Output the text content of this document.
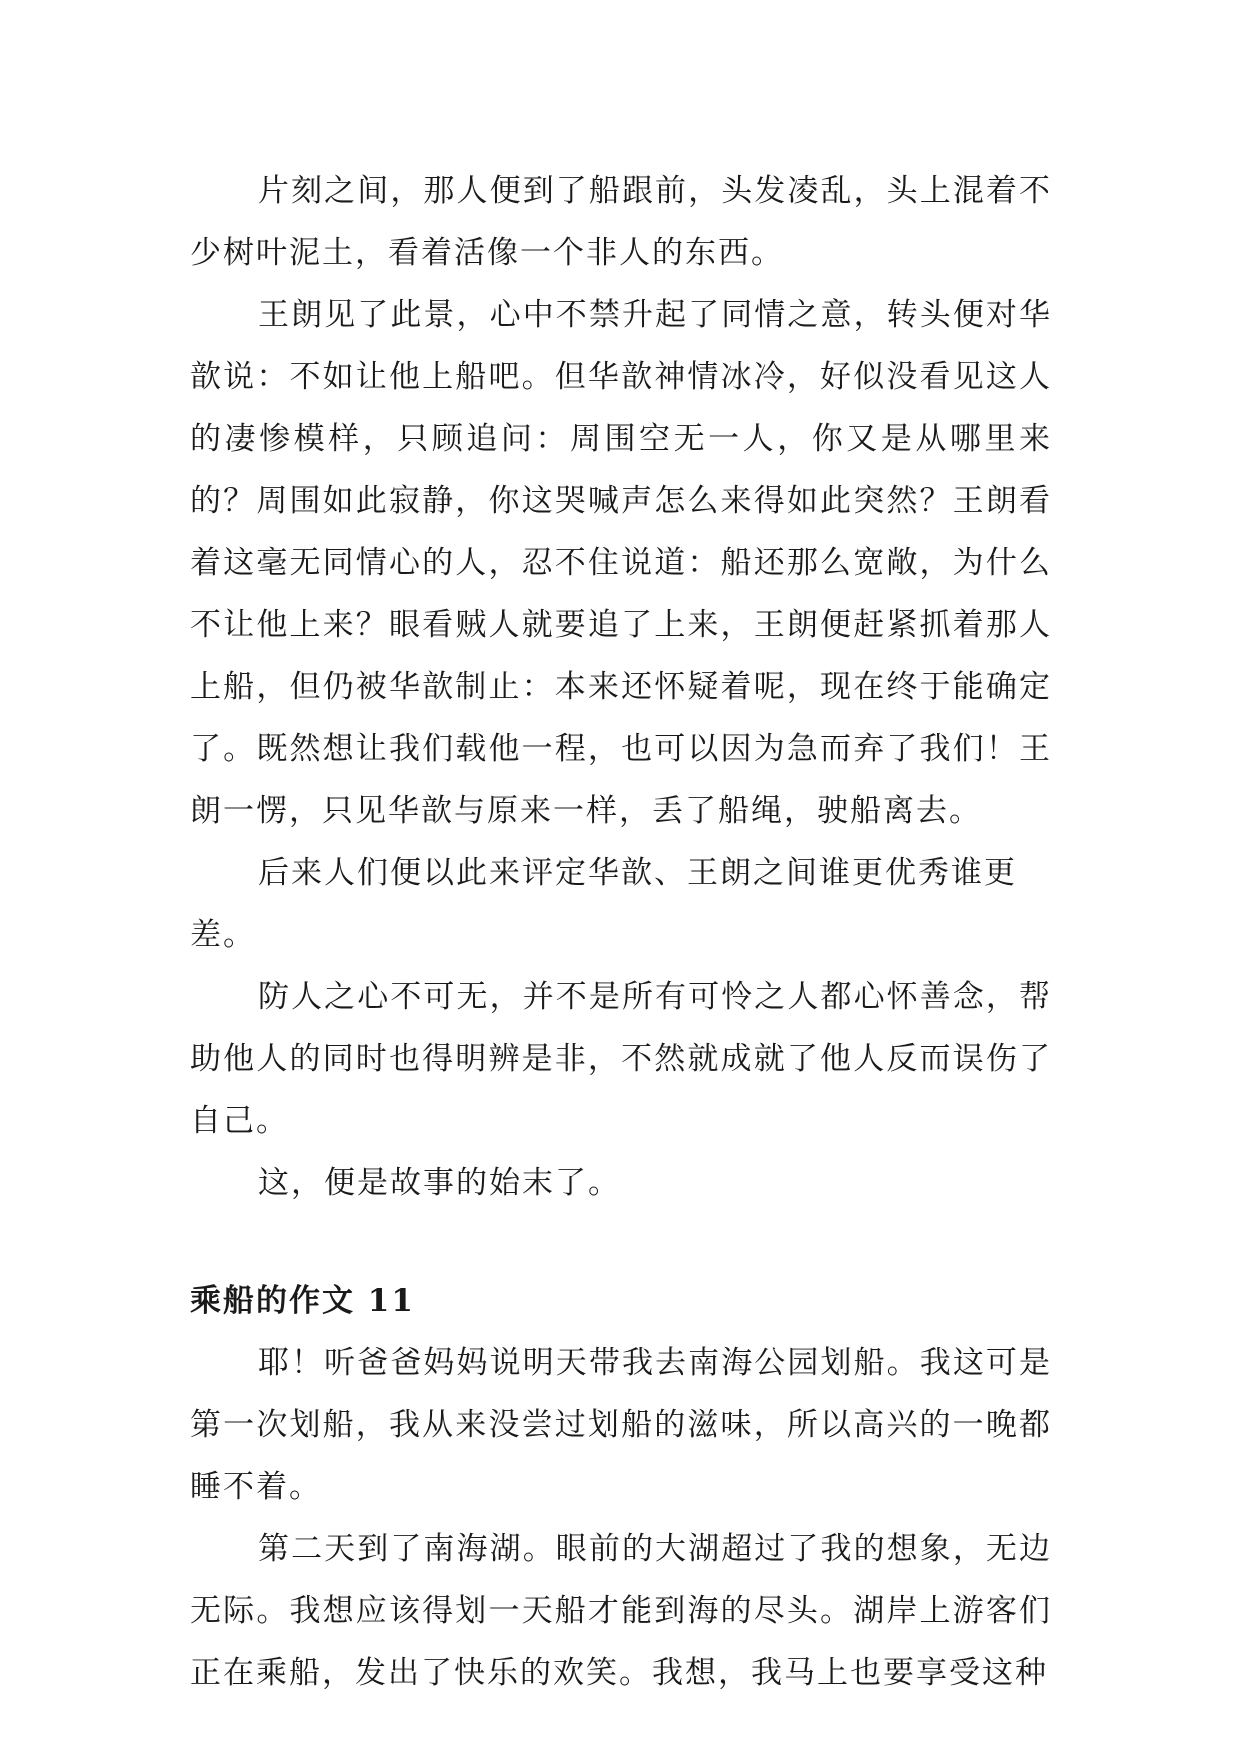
片刻之间，那人便到了船跟前，头发凌乱，头上混着不少树叶泥土，看着活像一个非人的东西。

王朗见了此景，心中不禁升起了同情之意，转头便对华歆说：不如让他上船吧。但华歆神情冰冷，好似没看见这人的凄惨模样，只顾追问：周围空无一人，你又是从哪里来的？周围如此寂静，你这哭喊声怎么来得如此突然？王朗看着这毫无同情心的人，忍不住说道：船还那么宽敞，为什么不让他上来？眼看贼人就要追了上来，王朗便赶紧抓着那人上船，但仍被华歆制止：本来还怀疑着呢，现在终于能确定了。既然想让我们载他一程，也可以因为急而弃了我们！王朗一愣，只见华歆与原来一样，丢了船绳，驶船离去。

后来人们便以此来评定华歆、王朗之间谁更优秀谁更差。

防人之心不可无，并不是所有可怜之人都心怀善念，帮助他人的同时也得明辨是非，不然就成就了他人反而误伤了自己。

这，便是故事的始末了。

乘船的作文 11

耶！听爸爸妈妈说明天带我去南海公园划船。我这可是第一次划船，我从来没尝过划船的滋味，所以高兴的一晚都睡不着。

第二天到了南海湖。眼前的大湖超过了我的想象，无边无际。我想应该得划一天船才能到海的尽头。湖岸上游客们正在乘船，发出了快乐的欢笑。我想，我马上也要享受这种
